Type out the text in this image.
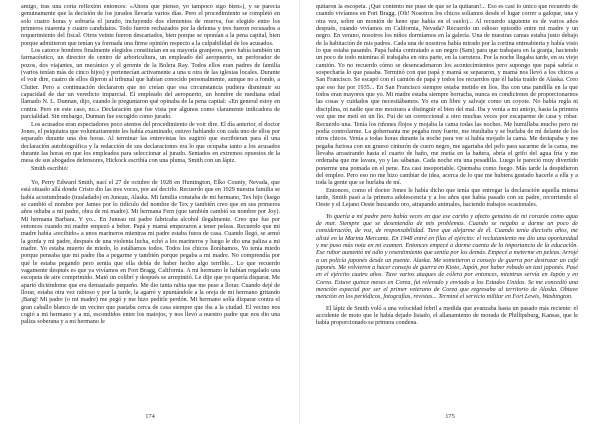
amigo, tras una corta reflexión entonces: «Ahora que pienso, yo tampoco sigo bien»), y se parecía genuinamente que la decisión de los jurados llevaría varios días. Pero el procedimiento se completó en solo cuatro horas y sobraría el jurado, incluyendo dos elementos de reserva, fue elegido entre los primeros cuarenta y cuatro candidatos. Todo fueron rechazados por la defensa y tres fueron recusados a requerimiento del fiscal. Otros veinte fueron descartados, bien porque se oponían a la pena capital, bien porque admitieron que tenían ya formada una firme opinión respecto a la culpabilidad de los acusados.

Los catorce hombres finalmente elegidos constituían en su mayoría granjeros, pero había también un farmacéutico, un director de centro de arboricultura, un empleado del aeropuerto, un perforador de pozos, dos viajantes, un mecánico y el gerente de la Bolera Ray. Todos ellos eran padres de familia (varios tenían más de cinco hijos) y pertenecían activamente a una u otra de las iglesias locales. Durante el voir dire, cuatro de ellos dijeron al tribunal que habían conocido personalmente, aunque no a fondo, a Clutter. Pero a continuación declararon que no creían que esa circunstancia pudiera disminuir su capacidad de dar un veredicto imparcial. El empleado del aeropuerto, un hombre de mediana edad llamado N. L. Dunnan, dijo, cuando le preguntaron qué opinaba de la pena capital: «En general estoy en contra. Pero en este caso, no.» Declaración que fue vista por algunos como claramente indicadora de parcialidad. Sin embargo, Dunnan fue escogido como jurado.

Los acusados eran espectadores poco atentos del procedimiento de voir dire. El día anterior, el doctor Jones, el psiquiatra que voluntariamente les había examinado, estuvo hablando con cada uno de ellos por separado durante una dos horas. Al terminar las entrevistas les sugirió que escribieran para él una declaración autobiográfica y la redacción de sus declaraciones era lo que ocupaba tanto a los acusados durante las horas en que los empleados para seleccionar al jurado. Sentados en extremos opuestos de la mesa de sus abogados defensores, Hickock escribía con una pluma, Smith con un lápiz.

Smith escribió:

Yo, Perry Edward Smith, nací el 27 de octubre de 1928 en Huntington, Elko County, Nevada, que está situado allá donde Cristo dio las tres voces, por así decirlo. Recuerdo que en 1929 nuestra familia se había acostumbrado (trasladado) en Juneau, Alaska. Mi familia constaba de mi hermano, Tex hijo (luego se cambió el nombre por James por lo ridículo del nombre de Tex y también creo que en sus primeros años odiaba a mi padre, obra de mi madre). Mi hermana Fern (que también cambió su nombre por Joy). Mi hermana Barbara. Y yo... En Juneau mi padre fabricaba alcohol ilegalmente. Creo que fue por entonces cuando mi madre empezó a beber. Papá y mamá empezaron a tener peleas. Recuerdo que mi madre había «recibido» a unos marineros mientras mi padre estaba fuera de casa. Cuando llegó, se armó la gorda y mi padre, después de una violenta lucha, echó a los marineros y luego le dio una paliza a mi madre. Yo estaba muerto de miedo, lo estábamos todos. Todos los chicos llorábamos. Yo tenía miedo porque pensaba que mi padre iba a pegarme y también porque pegaba a mi madre. No comprendía por qué le estaba pegando pero sentía que ella debía de haber hecho algo terrible... Lo que recuerdo vagamente después es que ya vivíamos en Fort Bragg, California. A mi hermano le habían regalado una escopeta de aire comprimido. Mató un colibrí y después se arrepintió. Le dije que yo quería disparar. Me apartó diciéndome que era demasiado pequeño. Me dio tanta rabia que me puse a llorar. Cuando dejé de llorar, estaba otra vez rabioso y por la tarde, la agarré y apuntándole a la oreja de mi hermano gritando ¡Bang! Mi padre (o mi madre) me pegó y me hizo pedirle perdón. Mi hermano solía disparar contra el gran caballo blanco de un vecino que pastaba cerca de casa siempre que iba a la ciudad. El vecino nos cogió a mi hermano y a mí, escondidos entre los matojos, y nos llevó a nuestro padre que nos dio una paliza soberana y a mi hermano le

174

quitaron la escopeta. ¡Qué contento me puse de que se la quitaran!... Eso es casi lo único que recuerdo de cuando vivíamos en Fort Bragg. (Oh! Nosotros los chicos solíamos desde el lugar correr a galopar, una y otra vez, sobre un montón de heno que había en el suelo)... Al recuerdo siguiente es de varios años después, cuando vivíamos en California, Nevada? Recuerdo un odioso episodio entre mi madre y un negro. En verano, nosotros los niños dormíamos en la galería. Una de nuestras camas estaba justo debajo de la habitación de mis padres. Cada una de nosotros había mirado por la cortina entreabierta y había visto lo que estaba pasando. Papá había contratado a un negro (Sam) para que trabajara en la granja, haciendo un poco de todo mientras él trabajaba en otra parte, en la carretera. Por la noche llegaba tarde, en su viejo camión. Yo no recuerdo cómo se desencadenaron los acontecimientos pero supongo que papá sabría o sospecharía lo que pasaba. Terminó con que papá y mamá se separaron, y mamá nos llevó a los chicos a San Francisco. Se escapó con el camión de papá y todos los recuerdos que él había traído de Alaska. Creo que eso fue por 1935... En San Francisco siempre estaba metido en líos. Iba con una pandilla en la que todos eran mayores que yo. Mi madre estaba siempre borracha, nunca en condiciones de proporcionarnos las cosas y cuidados que necesitábamos. Yo era un libre y salvaje como un coyote. No había regla ni disciplina, ni nadie que me mostrara a distinguir el bien del mal. Iba y venía a mi antojo, hasta la primera vez que me metí en un lío. Fui de un correccional a otro muchas veces por escaparme de casa y robar. Recuerdo una. Tenía los riñones flojos y mojaba la cama todas las noches. Me humillaba mucho pero no podía controlarme. La gobernanta me pegaba muy fuerte, me insultaba y se burlaba de mí delante de los otros chicos. Venía a todas horas durante la noche para ver si había mojado la cama. Me destapaba y me pegaba furiosa con un grueso cinturón de cuero negro, me agarraba del pelo para sacarme de la cama, me llevaba arrastrando hasta el cuarto de baño, me metía en la bañera, abría el grifo del agua fría y me ordenaba que me lavara, yo y las sábanas. Cada noche era una pesadilla. Luego le pareció muy divertido ponerme una pomada en el pene. Era casi insoportable. Quemaba como fuego. Más tarde la despidieron del empleo. Pero eso no me hizo cambiar de idea, acerca de lo que me hubiera gustado hacerle a ella y a toda la gente que se burlaba de mí.

Entonces, como el doctor Jones le había dicho que tenía que entregar la declaración aquella misma tarde, Smith pasó a la primera adolescencia y a los años que había pasado con su padre, recorriendo el Oeste y el Lejano Oeste buscando oro, atrapando animales, haciendo trabajos ocasionales.

Yo quería a mi padre pero había veces en que ese cariño y afecto genuino de mi corazón como agua de mar. Siempre que se desentendía de mis problemas. Cuando se negaba a darme un poco de consideración, de voz, de responsabilidad. Tuve que alejarme de él. Cuando tenía dieciséis años, me alisté en la Marina Mercante. En 1948 entré en filas el ejército: el reclutamiento me dio una oportunidad y me puso más nota en mi examen. Entonces empecé a darme cuenta de la importancia de la educación. Ese rubor aumentó mi odio y resentimiento que sentía por los demás. Empecé a meterme en peleas. Arrojé a un policía japonés desde un puente. Alaska. Me sometieron a consejo de guerra por destrozar un café japonés. Me volvieron a hacer consejo de guerra en Kioto, Japón, por haber robado un taxi japonés. Pasé en el ejército cuatro años. Tuve varios ataques de cólera por entonces, mientras servía en Japón y en Corea. Estuve quince meses en Corea, fui relevado y enviado a los Estados Unidos. Se me concedió una mención especial por ser el primer veterano de Corea que regresaba al territorio de Alaska. Obtuve mención en los periódicos, fotografías, revistas... Terminé el servicio militar en Fort Lewis, Washington.

El lápiz de Smith voló a una velocidad febril a medida que avanzaba hasta un pasado más reciente: el accidente de moto que le había dejado lisiado, el allanamiento de morada de Phillipsburg, Kansas, que le había proporcionado su primera condena.

175
